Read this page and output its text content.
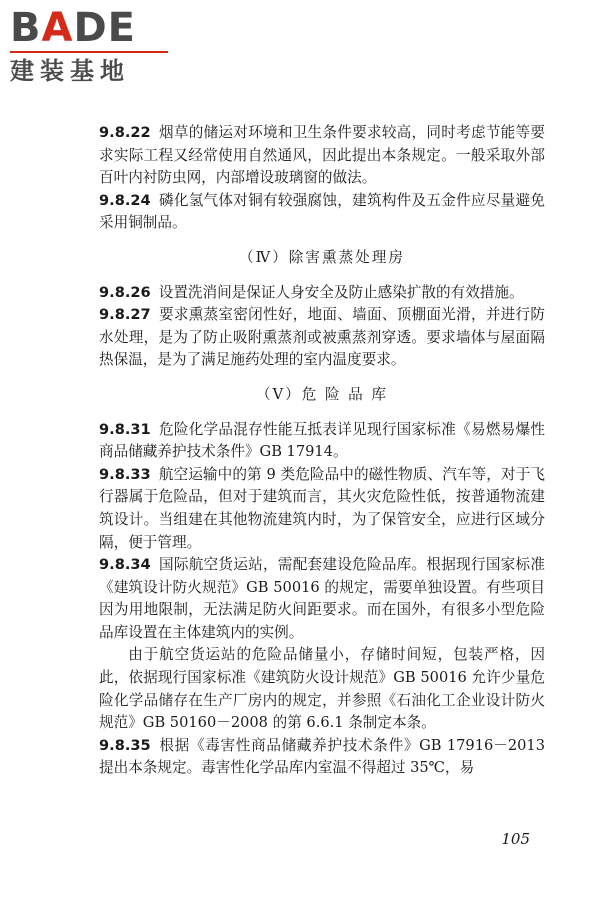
BADE
建装基地

9.8.22 烟草的储运对环境和卫生条件要求较高，同时考虑节能等要求实际工程又经常使用自然通风，因此提出本条规定。一般采取外部百叶内衬防虫网，内部增设玻璃窗的做法。

9.8.24 磷化氢气体对铜有较强腐蚀，建筑构件及五金件应尽量避免采用铜制品。

（Ⅳ）除害熏蒸处理房

9.8.26 设置洗消间是保证人身安全及防止感染扩散的有效措施。

9.8.27 要求熏蒸室密闭性好，地面、墙面、顶棚面光滑，并进行防水处理，是为了防止吸附熏蒸剂或被熏蒸剂穿透。要求墙体与屋面隔热保温，是为了满足施药处理的室内温度要求。

（Ⅴ）危 险 品 库

9.8.31 危险化学品混存性能互抵表详见现行国家标准《易燃易爆性商品储藏养护技术条件》GB 17914。

9.8.33 航空运输中的第 9 类危险品中的磁性物质、汽车等，对于飞行器属于危险品，但对于建筑而言，其火灾危险性低，按普通物流建筑设计。当组建在其他物流建筑内时，为了保管安全，应进行区域分隔，便于管理。

9.8.34 国际航空货运站，需配套建设危险品库。根据现行国家标准《建筑设计防火规范》GB 50016 的规定，需要单独设置。有些项目因为用地限制，无法满足防火间距要求。而在国外，有很多小型危险品库设置在主体建筑内的实例。

由于航空货运站的危险品储量小，存储时间短，包装严格，因此，依据现行国家标准《建筑防火设计规范》GB 50016 允许少量危险化学品储存在生产厂房内的规定，并参照《石油化工企业设计防火规范》GB 50160－2008 的第 6.6.1 条制定本条。

9.8.35 根据《毒害性商品储藏养护技术条件》GB 17916－2013 提出本条规定。毒害性化学品库内室温不得超过 35℃，易

105
